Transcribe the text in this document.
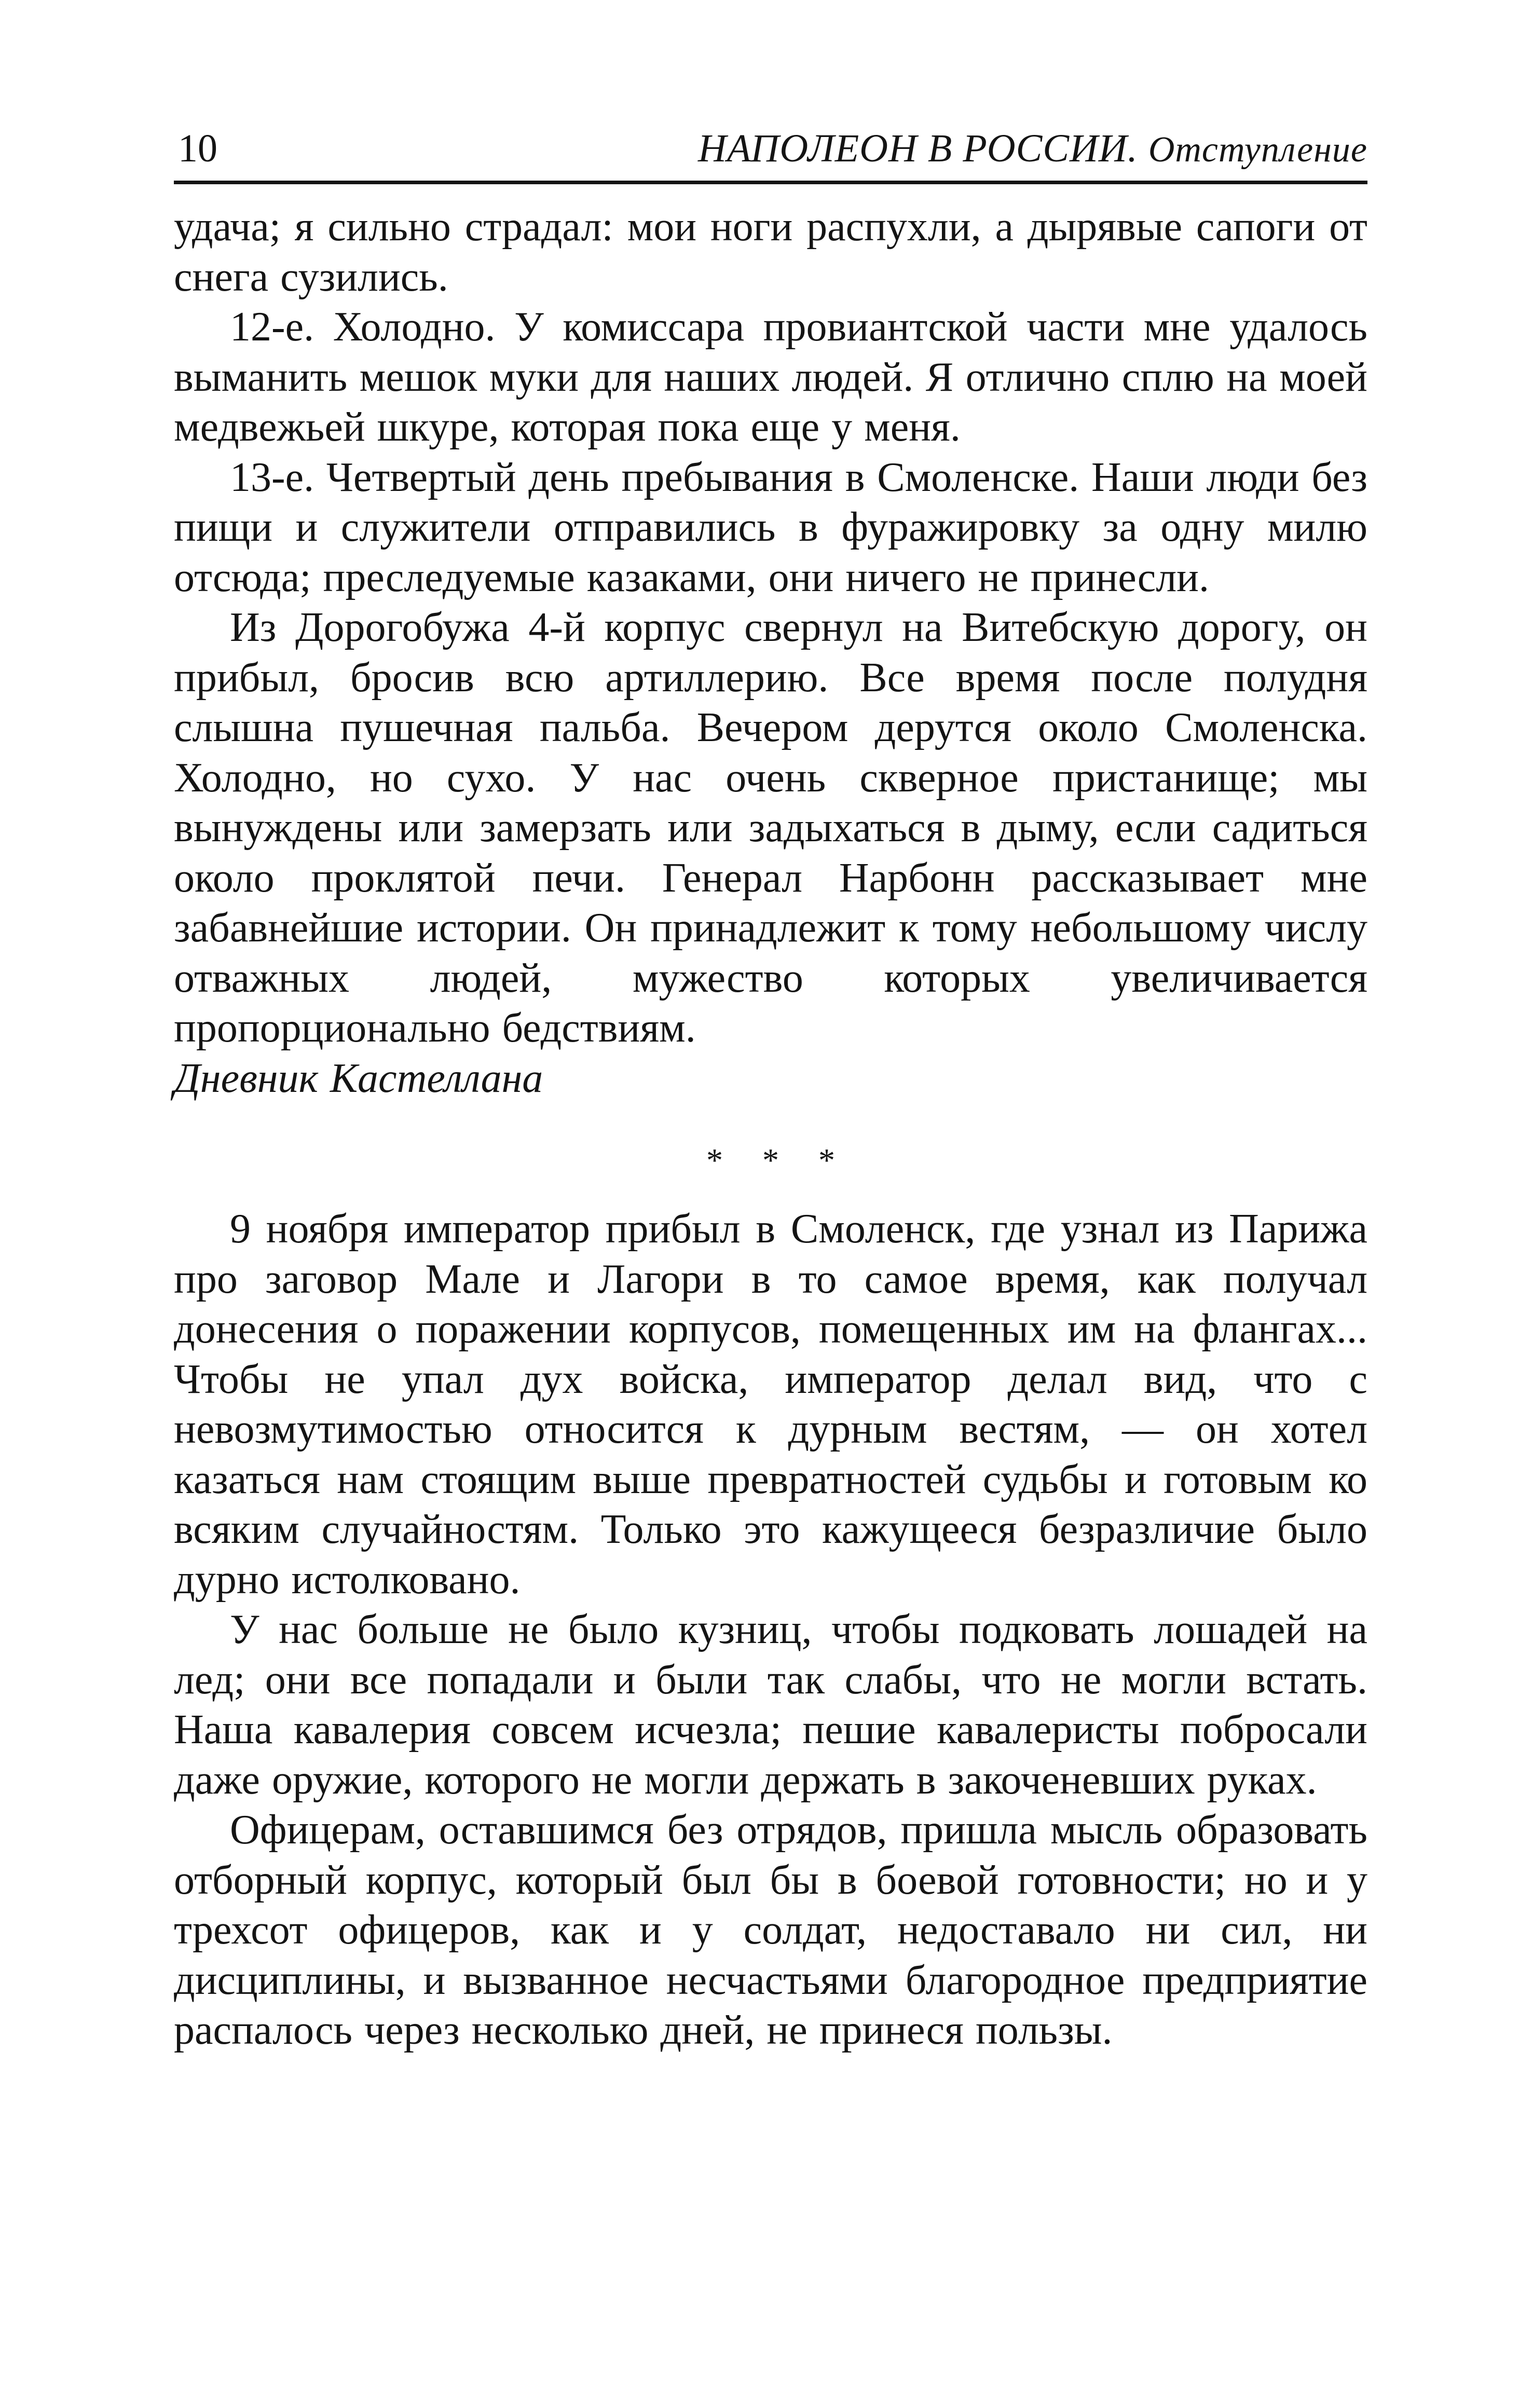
10	НАПОЛЕОН В РОССИИ. Отступление

удача; я сильно страдал: мои ноги распухли, а дырявые сапоги от снега сузились.

12-е. Холодно. У комиссара провиантской части мне удалось выманить мешок муки для наших людей. Я отлично сплю на моей медвежьей шкуре, которая пока еще у меня.

13-е. Четвертый день пребывания в Смоленске. Наши люди без пищи и служители отправились в фуражировку за одну милю отсюда; преследуемые казаками, они ничего не принесли.

Из Дорогобужа 4-й корпус свернул на Витебскую дорогу, он прибыл, бросив всю артиллерию. Все время после полудня слышна пушечная пальба. Вечером дерутся около Смоленска. Холодно, но сухо. У нас очень скверное пристанище; мы вынуждены или замерзать или задыхаться в дыму, если садиться около проклятой печи. Генерал Нарбонн рассказывает мне забавнейшие истории. Он принадлежит к тому небольшому числу отважных людей, мужество которых увеличивается пропорционально бедствиям.

Дневник Кастеллана

* * *

9 ноября император прибыл в Смоленск, где узнал из Парижа про заговор Мале и Лагори в то самое время, как получал донесения о поражении корпусов, помещенных им на флангах... Чтобы не упал дух войска, император делал вид, что с невозмутимостью относится к дурным вестям, — он хотел казаться нам стоящим выше превратностей судьбы и готовым ко всяким случайностям. Только это кажущееся безразличие было дурно истолковано.

У нас больше не было кузниц, чтобы подковать лошадей на лед; они все попадали и были так слабы, что не могли встать. Наша кавалерия совсем исчезла; пешие кавалеристы побросали даже оружие, которого не могли держать в закоченевших руках.

Офицерам, оставшимся без отрядов, пришла мысль образовать отборный корпус, который был бы в боевой готовности; но и у трехсот офицеров, как и у солдат, недоставало ни сил, ни дисциплины, и вызванное несчастьями благородное предприятие распалось через несколько дней, не принеся пользы.
